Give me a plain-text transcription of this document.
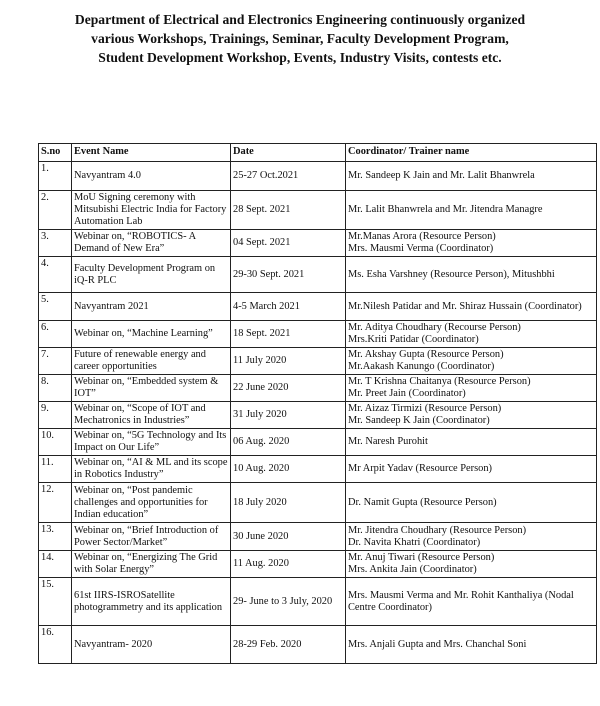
Department of Electrical and Electronics Engineering continuously organized
various Workshops, Trainings, Seminar, Faculty Development Program,
Student Development Workshop, Events, Industry Visits, contests etc.
S.no	Event Name	Date	Coordinator/ Trainer name
1.	Navyantram 4.0	25-27 Oct.2021	Mr. Sandeep K Jain and Mr. Lalit Bhanwrela
2.	MoU Signing ceremony with Mitsubishi Electric India for Factory Automation Lab	28 Sept. 2021	Mr. Lalit Bhanwrela and Mr. Jitendra Managre
3.	Webinar on, “ROBOTICS- A Demand of New Era”	04 Sept. 2021	Mr.Manas Arora (Resource Person)
Mrs. Mausmi Verma (Coordinator)
4.	Faculty Development Program on iQ-R PLC	29-30 Sept. 2021	Ms. Esha Varshney (Resource Person), Mitushbhi
5.	Navyantram 2021	4-5 March 2021	Mr.Nilesh Patidar and Mr. Shiraz Hussain (Coordinator)
6.	Webinar on, “Machine Learning”	18 Sept. 2021	Mr. Aditya Choudhary (Recourse Person)
Mrs.Kriti Patidar (Coordinator)
7.	Future of renewable energy and career opportunities	11 July 2020	Mr. Akshay Gupta (Resource Person)
Mr.Aakash Kanungo (Coordinator)
8.	Webinar on, “Embedded system & IOT”	22 June 2020	Mr. T Krishna Chaitanya (Resource Person)
Mr. Preet Jain (Coordinator)
9.	Webinar on, “Scope of IOT and Mechatronics in Industries”	31 July 2020	Mr. Aizaz Tirmizi (Resource Person)
Mr. Sandeep K Jain (Coordinator)
10.	Webinar on, “5G Technology and Its Impact on Our Life”	06 Aug. 2020	Mr. Naresh Purohit
11.	Webinar on, “AI & ML and its scope in Robotics Industry”	10 Aug. 2020	Mr Arpit Yadav (Resource Person)
12.	Webinar on, “Post pandemic challenges and opportunities for Indian education”	18 July 2020	Dr. Namit Gupta (Resource Person)
13.	Webinar on, “Brief Introduction of Power Sector/Market”	30 June 2020	Mr. Jitendra Choudhary (Resource Person)
Dr. Navita Khatri (Coordinator)
14.	Webinar on, “Energizing The Grid with Solar Energy”	11 Aug. 2020	Mr. Anuj Tiwari (Resource Person)
Mrs. Ankita Jain (Coordinator)
15.	61st IIRS-ISROSatellite photogrammetry and its application	29- June to 3 July, 2020	Mrs. Mausmi Verma and Mr. Rohit Kanthaliya (Nodal Centre Coordinator)
16.	Navyantram- 2020	28-29 Feb. 2020	Mrs. Anjali Gupta and Mrs. Chanchal Soni
